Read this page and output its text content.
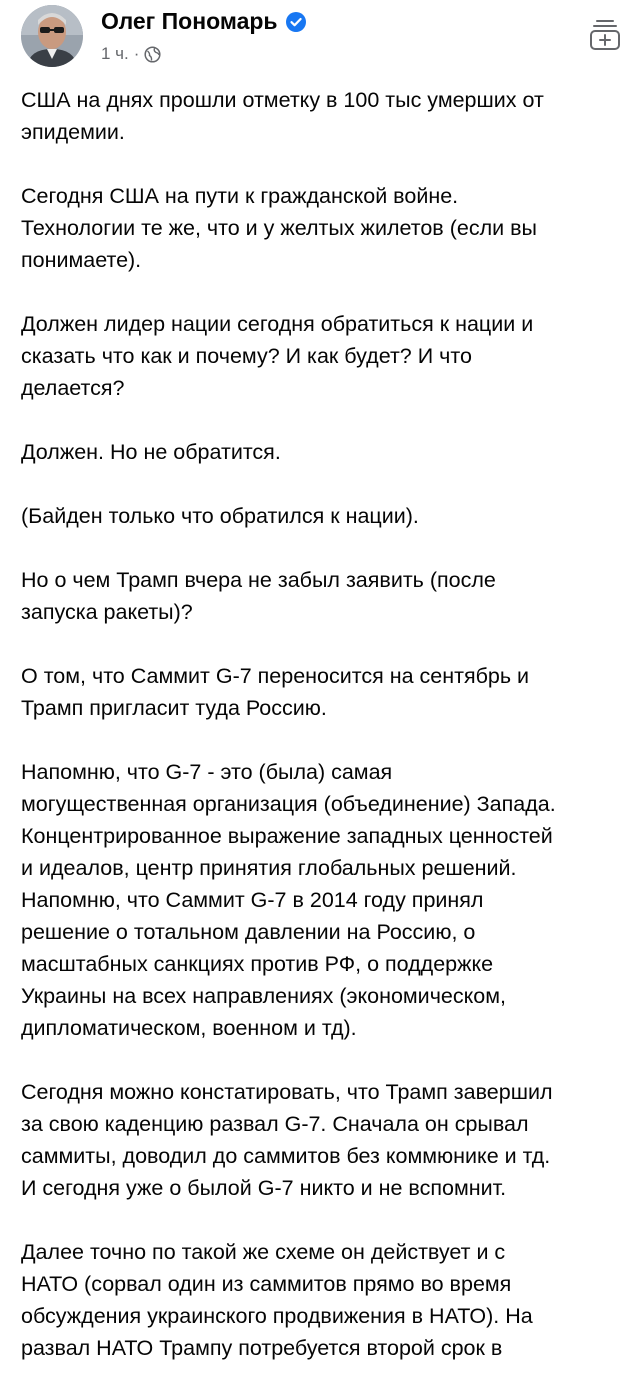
Олег Пономарь
1 ч. ·

США на днях прошли отметку в 100 тыс умерших от
эпидемии.

Сегодня США на пути к гражданской войне.
Технологии те же, что и у желтых жилетов (если вы
понимаете).

Должен лидер нации сегодня обратиться к нации и
сказать что как и почему? И как будет? И что
делается?

Должен. Но не обратится.

(Байден только что обратился к нации).

Но о чем Трамп вчера не забыл заявить (после
запуска ракеты)?

О том, что Саммит G-7 переносится на сентябрь и
Трамп пригласит туда Россию.

Напомню, что G-7 - это (была) самая
могущественная организация (объединение) Запада.
Концентрированное выражение западных ценностей
и идеалов, центр принятия глобальных решений.
Напомню, что Саммит G-7 в 2014 году принял
решение о тотальном давлении на Россию, о
масштабных санкциях против РФ, о поддержке
Украины на всех направлениях (экономическом,
дипломатическом, военном и тд).

Сегодня можно констатировать, что Трамп завершил
за свою каденцию развал G-7. Сначала он срывал
саммиты, доводил до саммитов без коммюнике и тд.
И сегодня уже о былой G-7 никто и не вспомнит.

Далее точно по такой же схеме он действует и с
НАТО (сорвал один из саммитов прямо во время
обсуждения украинского продвижения в НАТО). На
развал НАТО Трампу потребуется второй срок в
